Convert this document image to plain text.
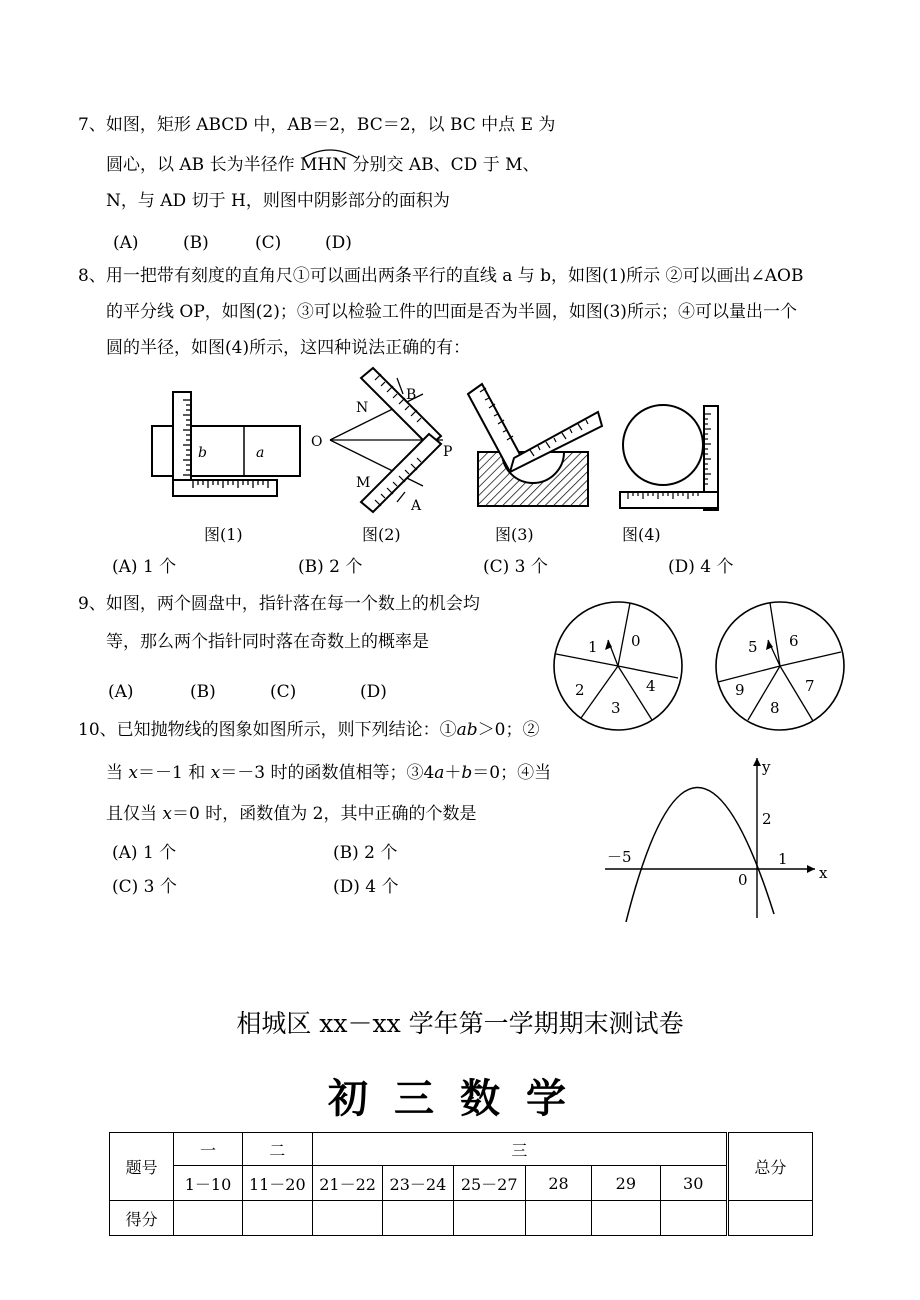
7、如图，矩形 ABCD 中，AB＝2，BC＝2，以 BC 中点 E 为
圆心，以 AB 长为半径作 MHN 分别交 AB、CD 于 M、
N，与 AD 切于 H，则图中阴影部分的面积为
(A)	(B)	(C)	(D)
8、用一把带有刻度的直角尺①可以画出两条平行的直线 a 与 b，如图(1)所示 ②可以画出∠AOB
的平分线 OP，如图(2)；③可以检验工件的凹面是否为半圆，如图(3)所示；④可以量出一个
圆的半径，如图(4)所示，这四种说法正确的有：
b	a
O
N
B
P
M
A
图(1)	图(2)	图(3)	图(4)
(A) 1 个	(B) 2 个	(C) 3 个	(D) 4 个
9、如图，两个圆盘中，指针落在每一个数上的机会均
等，那么两个指针同时落在奇数上的概率是
(A)	(B)	(C)	(D)
1 0
2	4
3
5 6
9	7
8
10、已知抛物线的图象如图所示，则下列结论：①ab＞0；②
当 x＝－1 和 x＝－3 时的函数值相等；③4a＋b＝0；④当
且仅当 x＝0 时，函数值为 2，其中正确的个数是
(A) 1 个	(B) 2 个
(C) 3 个	(D) 4 个
y
x
2
－5	1
0
相城区 xx－xx 学年第一学期期末测试卷
初三数学
题号	一	二	三						总分
	1－10	11－20	21－22	23－24	25－27	28	29	30	
得分									
